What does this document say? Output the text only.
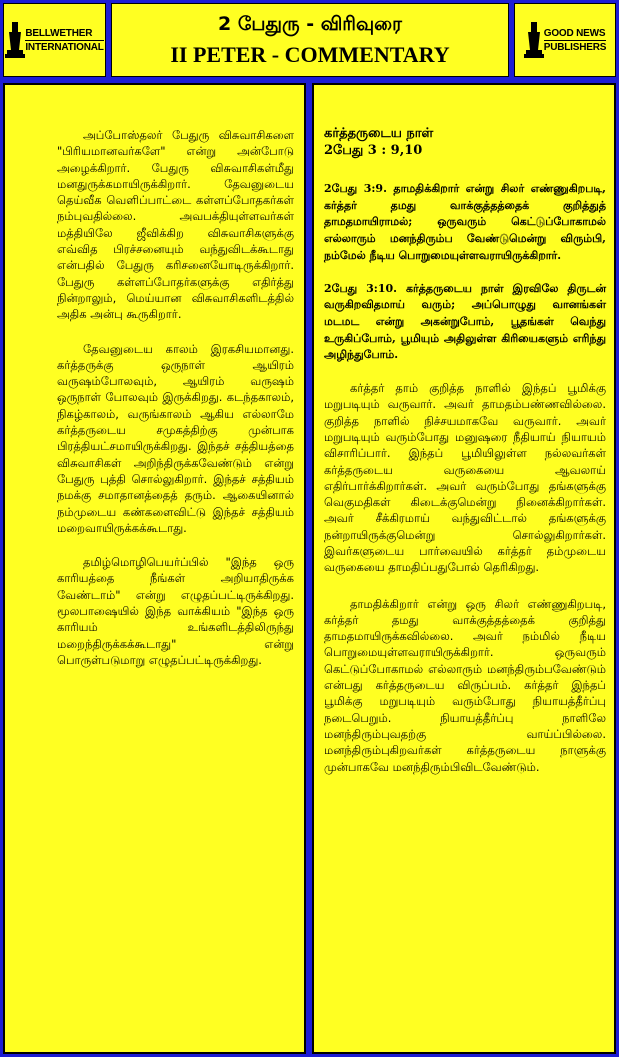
BELLWETHER
INTERNATIONAL
2 பேதுரு - விரிவுரை
II PETER - COMMENTARY
GOOD NEWS
PUBLISHERS

அப்போஸ்தலர் பேதுரு விசுவாசிகளை "பிரியமானவர்களே" என்று அன்போடு அழைக்கிறார். பேதுரு விசுவாசிகள்மீது மனதுருக்கமாயிருக்கிறார். தேவனுடைய தெய்வீக வெளிப்பாட்டை கள்ளப்போதகர்கள் நம்புவதில்லை. அவபக்தியுள்ளவர்கள் மத்தியிலே ஜீவிக்கிற விசுவாசிகளுக்கு எவ்வித பிரச்சனையும் வந்துவிடக்கூடாது என்பதில் பேதுரு கரிசனையோடிருக்கிறார். பேதுரு கள்ளப்போதர்களுக்கு எதிர்த்து நின்றாலும், மெய்யான விசுவாசிகளிடத்தில் அதிக அன்பு கூருகிறார்.

தேவனுடைய காலம் இரகசியமானது. கர்த்தருக்கு ஒருநாள் ஆயிரம் வருஷம்போலவும், ஆயிரம் வருஷம் ஒருநாள் போலவும் இருக்கிறது. கடந்தகாலம், நிகழ்காலம், வருங்காலம் ஆகிய எல்லாமே கர்த்தருடைய சமுகத்திற்கு முன்பாக பிரத்தியட்சமாயிருக்கிறது. இந்தச் சத்தியத்தை விசுவாசிகள் அறிந்திருக்கவேண்டும் என்று பேதுரு புத்தி சொல்லுகிறார். இந்தச் சத்தியம் நமக்கு சமாதானத்தைத் தரும். ஆகையினால் நம்முடைய கண்களைவிட்டு இந்தச் சத்தியம் மறைவாயிருக்கக்கூடாது.

தமிழ்மொழிபெயர்ப்பில் "இந்த ஒரு காரியத்தை நீங்கள் அறியாதிருக்க வேண்டாம்" என்று எழுதப்பட்டிருக்கிறது. மூலபாஷையில் இந்த வாக்கியம் "இந்த ஒரு காரியம் உங்களிடத்திலிருந்து மறைந்திருக்கக்கூடாது" என்று பொருள்படுமாறு எழுதப்பட்டிருக்கிறது.

கர்த்தருடைய நாள்

2பேது 3 : 9,10

2பேது 3:9. தாமதிக்கிறார் என்று சிலர் எண்ணுகிறபடி, கர்த்தர் தமது வாக்குத்தத்தைக் குறித்துத் தாமதமாயிராமல்; ஒருவரும் கெட்டுப்போகாமல் எல்லாரும் மனந்திரும்ப வேண்டுமென்று விரும்பி, நம்மேல் நீடிய பொறுமையுள்ளவராயிருக்கிறார்.

2பேது 3:10. கர்த்தருடைய நாள் இரவிலே திருடன் வருகிறவிதமாய் வரும்; அப்பொழுது வானங்கள் மடமட என்று அகன்றுபோம், பூதங்கள் வெந்து உருகிப்போம், பூமியும் அதிலுள்ள கிரியைகளும் எரிந்து அழிந்துபோம்.

கர்த்தர் தாம் குறித்த நாளில் இந்தப் பூமிக்கு மறுபடியும் வருவார். அவர் தாமதம்பண்ணவில்லை. குறித்த நாளில் நிச்சயமாகவே வருவார். அவர் மறுபடியும் வரும்போது மனுஷரை நீதியாய் நியாயம் விசாரிப்பார். இந்தப் பூமியிலுள்ள நல்லவர்கள் கர்த்தருடைய வருகையை ஆவலாய் எதிர்பார்க்கிறார்கள். அவர் வரும்போது தங்களுக்கு வெகுமதிகள் கிடைக்குமென்று நினைக்கிறார்கள். அவர் சீக்கிரமாய் வந்துவிட்டால் தங்களுக்கு நன்றாயிருக்குமென்று சொல்லுகிறார்கள். இவர்களுடைய பார்வையில் கர்த்தர் தம்முடைய வருகையை தாமதிப்பதுபோல் தெரிகிறது.

தாமதிக்கிறார் என்று ஒரு சிலர் எண்ணுகிறபடி, கர்த்தர் தமது வாக்குத்தத்தைக் குறித்து தாமதமாயிருக்கவில்லை. அவர் நம்மில் நீடிய பொறுமையுள்ளவராயிருக்கிறார். ஒருவரும் கெட்டுப்போகாமல் எல்லாரும் மனந்திரும்பவேண்டும் என்பது கர்த்தருடைய விருப்பம். கர்த்தர் இந்தப் பூமிக்கு மறுபடியும் வரும்போது நியாயத்தீர்ப்பு நடைபெறும். நியாயத்தீர்ப்பு நாளிலே மனந்திரும்புவதற்கு வாய்ப்பில்லை. மனந்திரும்புகிறவர்கள் கர்த்தருடைய நாளுக்கு முன்பாகவே மனந்திரும்பிவிடவேண்டும்.
